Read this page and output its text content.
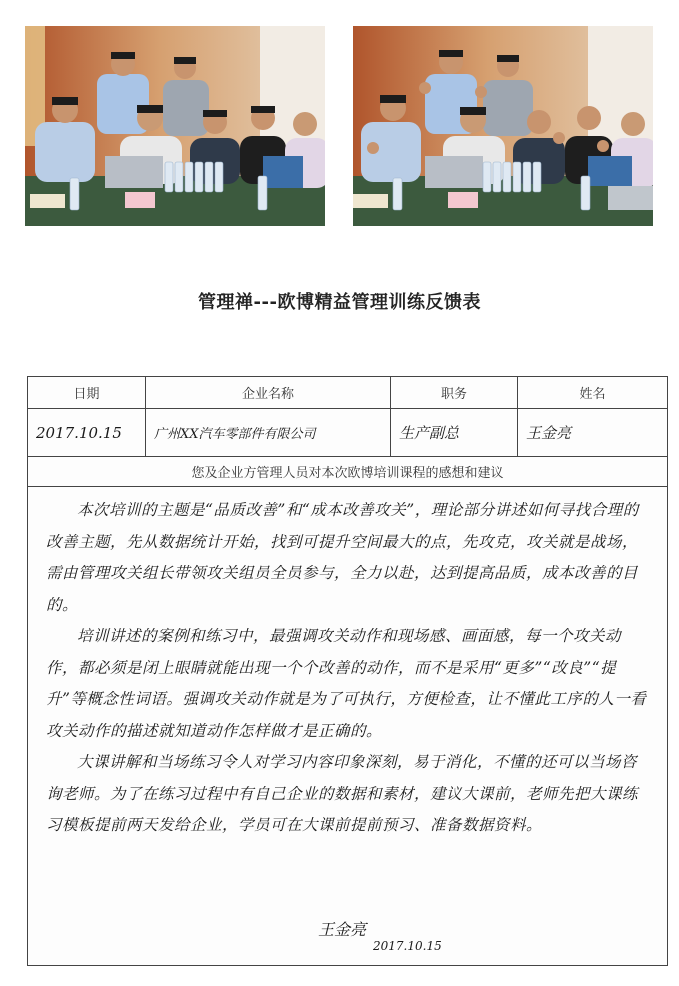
管理禅---欧博精益管理训练反馈表
日期	企业名称	职务	姓名
2017.10.15	广州XX汽车零部件有限公司	生产副总	王金亮
您及企业方管理人员对本次欧博培训课程的感想和建议

本次培训的主题是“品质改善”和“成本改善攻关”，理论部分讲述如何寻找合理的改善主题，先从数据统计开始，找到可提升空间最大的点，先攻克，攻关就是战场，需由管理攻关组长带领攻关组员全员参与，全力以赴，达到提高品质，成本改善的目的。

培训讲述的案例和练习中，最强调攻关动作和现场感、画面感，每一个攻关动作，都必须是闭上眼睛就能出现一个个改善的动作，而不是采用“更多”“改良”“提升”等概念性词语。强调攻关动作就是为了可执行，方便检查，让不懂此工序的人一看攻关动作的描述就知道动作怎样做才是正确的。

大课讲解和当场练习令人对学习内容印象深刻，易于消化，不懂的还可以当场咨询老师。为了在练习过程中有自己企业的数据和素材，建议大课前，老师先把大课练习模板提前两天发给企业，学员可在大课前提前预习、准备数据资料。

王金亮
2017.10.15
